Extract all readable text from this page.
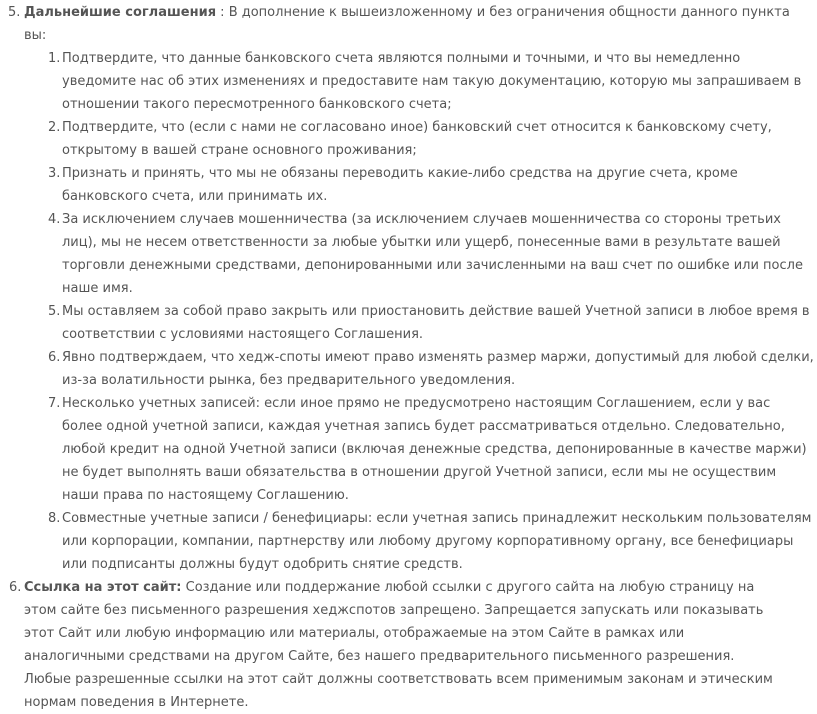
5. Дальнейшие соглашения : В дополнение к вышеизложенному и без ограничения общности данного пункта вы:
1. Подтвердите, что данные банковского счета являются полными и точными, и что вы немедленно уведомите нас об этих изменениях и предоставите нам такую документацию, которую мы запрашиваем в отношении такого пересмотренного банковского счета;
2. Подтвердите, что (если с нами не согласовано иное) банковский счет относится к банковскому счету, открытому в вашей стране основного проживания;
3. Признать и принять, что мы не обязаны переводить какие-либо средства на другие счета, кроме банковского счета, или принимать их.
4. За исключением случаев мошенничества (за исключением случаев мошенничества со стороны третьих лиц), мы не несем ответственности за любые убытки или ущерб, понесенные вами в результате вашей торговли денежными средствами, депонированными или зачисленными на ваш счет по ошибке или после наше имя.
5. Мы оставляем за собой право закрыть или приостановить действие вашей Учетной записи в любое время в соответствии с условиями настоящего Соглашения.
6. Явно подтверждаем, что хедж-споты имеют право изменять размер маржи, допустимый для любой сделки, из-за волатильности рынка, без предварительного уведомления.
7. Несколько учетных записей: если иное прямо не предусмотрено настоящим Соглашением, если у вас более одной учетной записи, каждая учетная запись будет рассматриваться отдельно. Следовательно, любой кредит на одной Учетной записи (включая денежные средства, депонированные в качестве маржи) не будет выполнять ваши обязательства в отношении другой Учетной записи, если мы не осуществим наши права по настоящему Соглашению.
8. Совместные учетные записи / бенефициары: если учетная запись принадлежит нескольким пользователям или корпорации, компании, партнерству или любому другому корпоративному органу, все бенефициары или подписанты должны будут одобрить снятие средств.
6. Ссылка на этот сайт: Создание или поддержание любой ссылки с другого сайта на любую страницу на этом сайте без письменного разрешения хеджспотов запрещено. Запрещается запускать или показывать этот Сайт или любую информацию или материалы, отображаемые на этом Сайте в рамках или аналогичными средствами на другом Сайте, без нашего предварительного письменного разрешения. Любые разрешенные ссылки на этот сайт должны соответствовать всем применимым законам и этическим нормам поведения в Интернете.
